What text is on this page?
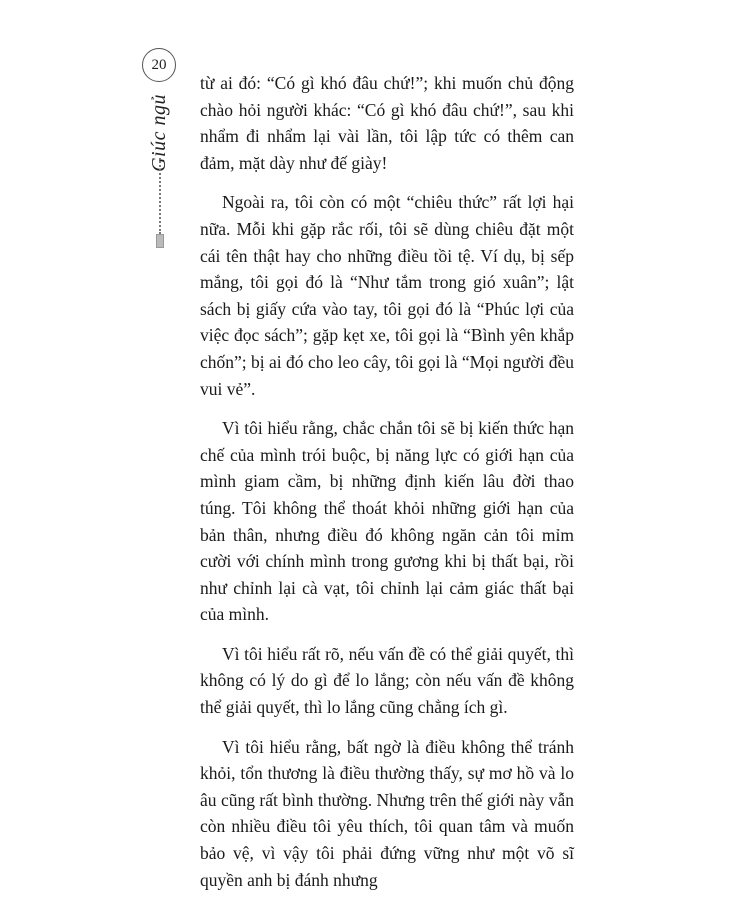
20
Giúc ngủ

từ ai đó: “Có gì khó đâu chứ!”; khi muốn chủ động chào hỏi người khác: “Có gì khó đâu chứ!”, sau khi nhẩm đi nhẩm lại vài lần, tôi lập tức có thêm can đảm, mặt dày như đế giày!

Ngoài ra, tôi còn có một “chiêu thức” rất lợi hại nữa. Mỗi khi gặp rắc rối, tôi sẽ dùng chiêu đặt một cái tên thật hay cho những điều tồi tệ. Ví dụ, bị sếp mắng, tôi gọi đó là “Như tắm trong gió xuân”; lật sách bị giấy cứa vào tay, tôi gọi đó là “Phúc lợi của việc đọc sách”; gặp kẹt xe, tôi gọi là “Bình yên khắp chốn”; bị ai đó cho leo cây, tôi gọi là “Mọi người đều vui vẻ”.

Vì tôi hiểu rằng, chắc chắn tôi sẽ bị kiến thức hạn chế của mình trói buộc, bị năng lực có giới hạn của mình giam cầm, bị những định kiến lâu đời thao túng. Tôi không thể thoát khỏi những giới hạn của bản thân, nhưng điều đó không ngăn cản tôi mỉm cười với chính mình trong gương khi bị thất bại, rồi như chỉnh lại cà vạt, tôi chỉnh lại cảm giác thất bại của mình.

Vì tôi hiểu rất rõ, nếu vấn đề có thể giải quyết, thì không có lý do gì để lo lắng; còn nếu vấn đề không thể giải quyết, thì lo lắng cũng chẳng ích gì.

Vì tôi hiểu rằng, bất ngờ là điều không thể tránh khỏi, tổn thương là điều thường thấy, sự mơ hồ và lo âu cũng rất bình thường. Nhưng trên thế giới này vẫn còn nhiều điều tôi yêu thích, tôi quan tâm và muốn bảo vệ, vì vậy tôi phải đứng vững như một võ sĩ quyền anh bị đánh nhưng
